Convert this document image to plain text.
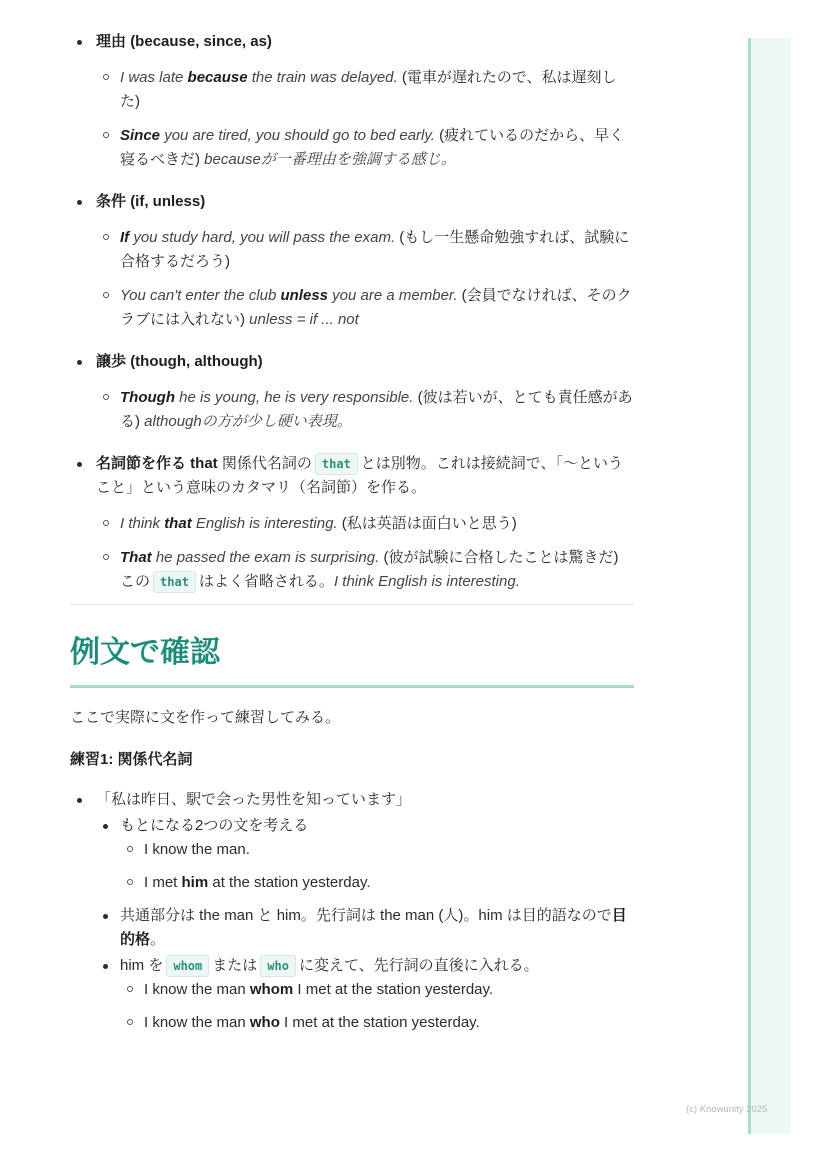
理由 (because, since, as)
I was late because the train was delayed. (電車が遅れたので、私は遅刻した)
Since you are tired, you should go to bed early. (疲れているのだから、早く寝るべきだ) becauseが一番理由を強調する感じ。
条件 (if, unless)
If you study hard, you will pass the exam. (もし一生懸命勉強すれば、試験に合格するだろう)
You can't enter the club unless you are a member. (会員でなければ、そのクラブには入れない) unless = if ... not
譲歩 (though, although)
Though he is young, he is very responsible. (彼は若いが、とても責任感がある) althoughの方が少し硬い表現。
名詞節を作る that 関係代名詞の that とは別物。これは接続詞で、「～ということ」という意味のカタマリ（名詞節）を作る。
I think that English is interesting. (私は英語は面白いと思う)
That he passed the exam is surprising. (彼が試験に合格したことは驚きだ) この that はよく省略される。I think English is interesting.
例文で確認

ここで実際に文を作って練習してみる。

練習1: 関係代名詞

「私は昨日、駅で会った男性を知っています」
もとになる2つの文を考える
I know the man.
I met him at the station yesterday.
共通部分は the man と him。先行詞は the man (人)。him は目的語なので目的格。
him を whom または who に変えて、先行詞の直後に入れる。
I know the man whom I met at the station yesterday.
I know the man who I met at the station yesterday.
(c) Knowunity 2025
